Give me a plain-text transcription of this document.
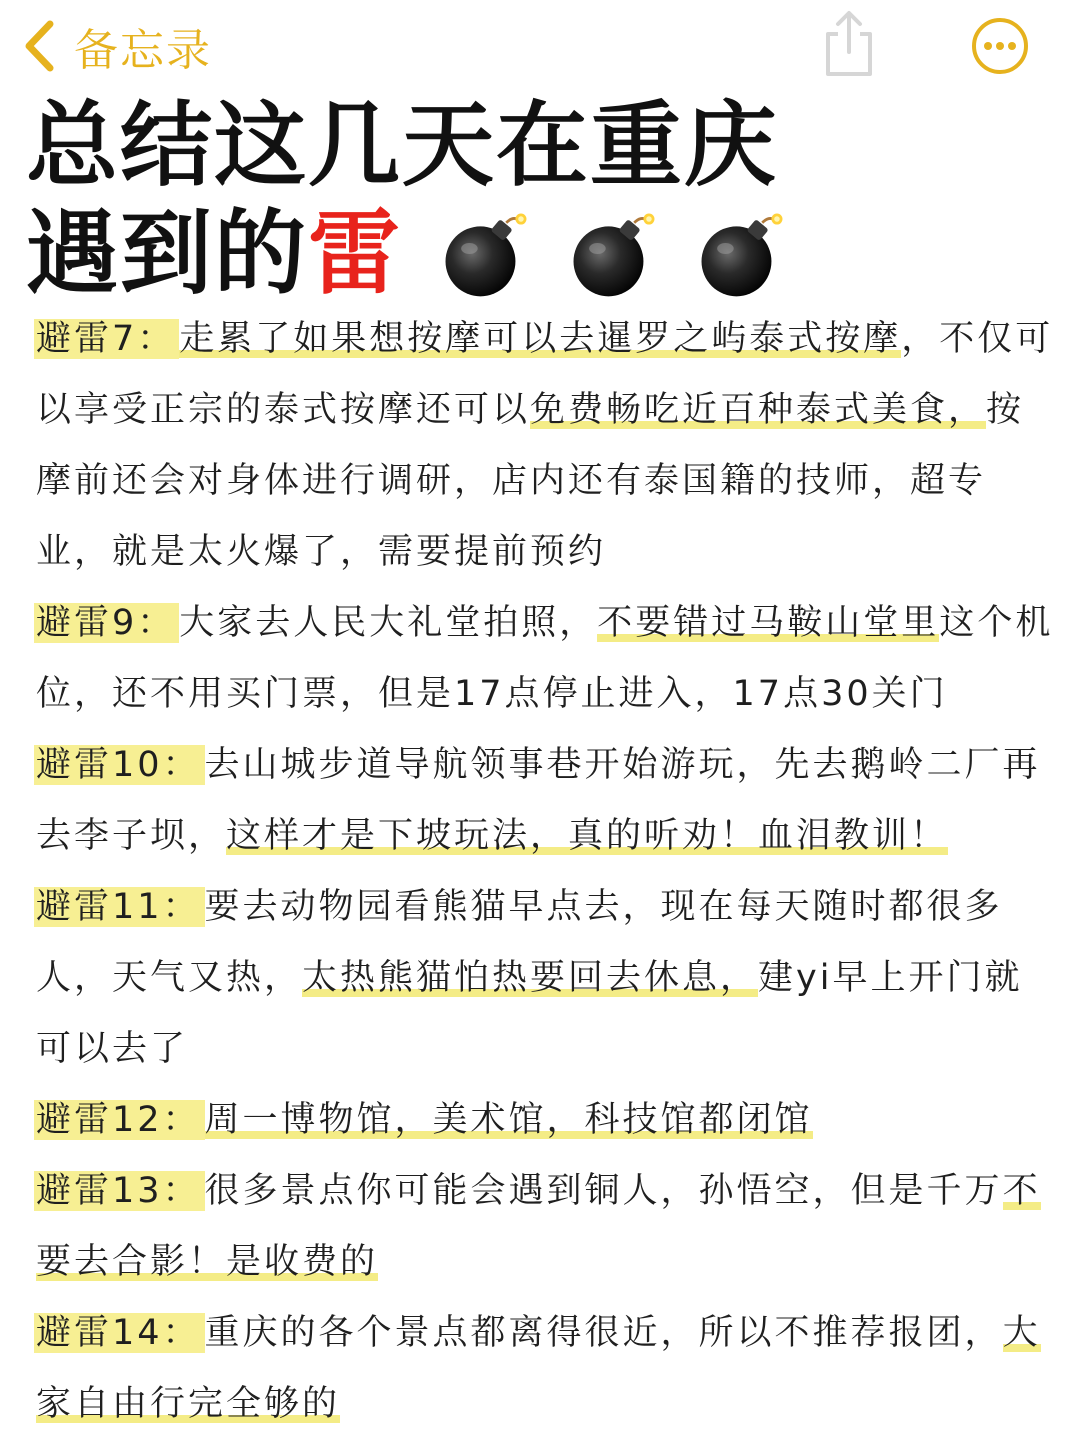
备忘录
总结这几天在重庆
遇到的雷

避雷7： 走累了如果想按摩可以去暹罗之屿泰式按摩，不仅可以享受正宗的泰式按摩还可以免费畅吃近百种泰式美食，按摩前还会对身体进行调研，店内还有泰国籍的技师，超专业，就是太火爆了，需要提前预约

避雷9： 大家去人民大礼堂拍照，不要错过马鞍山堂里这个机位，还不用买门票，但是17点停止进入，17点30关门

避雷10： 去山城步道导航领事巷开始游玩，先去鹅岭二厂再去李子坝，这样才是下坡玩法，真的听劝！血泪教训！

避雷11： 要去动物园看熊猫早点去，现在每天随时都很多人，天气又热，太热熊猫怕热要回去休息，建yi早上开门就可以去了

避雷12： 周一博物馆，美术馆，科技馆都闭馆

避雷13： 很多景点你可能会遇到铜人，孙悟空，但是千万不要去合影！是收费的

避雷14： 重庆的各个景点都离得很近，所以不推荐报团，大家自由行完全够的
